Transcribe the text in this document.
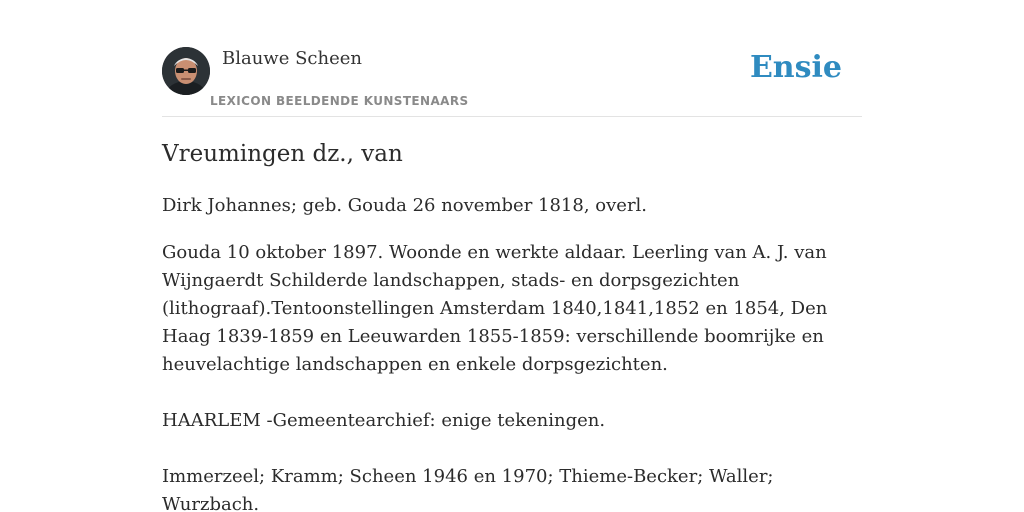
Blauwe Scheen
LEXICON BEELDENDE KUNSTENAARS
Ensie
Vreumingen dz., van

Dirk Johannes; geb. Gouda 26 november 1818, overl.

Gouda 10 oktober 1897. Woonde en werkte aldaar. Leerling van A. J. van Wijngaerdt Schilderde landschappen, stads- en dorpsgezichten (lithograaf).Tentoonstellingen Amsterdam 1840,1841,1852 en 1854, Den Haag 1839-1859 en Leeuwarden 1855-1859: verschillende boomrijke en heuvelachtige landschappen en enkele dorpsgezichten.

HAARLEM -Gemeentearchief: enige tekeningen.

Immerzeel; Kramm; Scheen 1946 en 1970; Thieme-Becker; Waller; Wurzbach.
